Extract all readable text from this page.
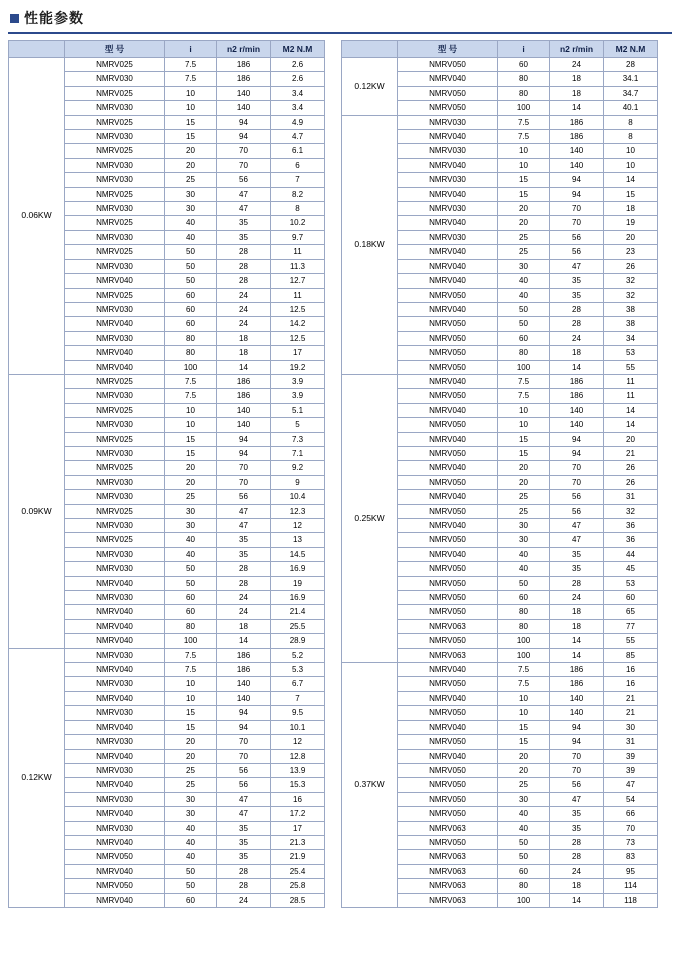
性能参数
	型 号	i	n2 r/min	M2 N.M
0.06KW	NMRV025	7.5	186	2.6
	NMRV030	7.5	186	2.6
	NMRV025	10	140	3.4
	NMRV030	10	140	3.4
	NMRV025	15	94	4.9
	NMRV030	15	94	4.7
	NMRV025	20	70	6.1
	NMRV030	20	70	6
	NMRV030	25	56	7
	NMRV025	30	47	8.2
	NMRV030	30	47	8
	NMRV025	40	35	10.2
	NMRV030	40	35	9.7
	NMRV025	50	28	11
	NMRV030	50	28	11.3
	NMRV040	50	28	12.7
	NMRV025	60	24	11
	NMRV030	60	24	12.5
	NMRV040	60	24	14.2
	NMRV030	80	18	12.5
	NMRV040	80	18	17
	NMRV040	100	14	19.2
0.09KW	NMRV025	7.5	186	3.9
	NMRV030	7.5	186	3.9
	NMRV025	10	140	5.1
	NMRV030	10	140	5
	NMRV025	15	94	7.3
	NMRV030	15	94	7.1
	NMRV025	20	70	9.2
	NMRV030	20	70	9
	NMRV030	25	56	10.4
	NMRV025	30	47	12.3
	NMRV030	30	47	12
	NMRV025	40	35	13
	NMRV030	40	35	14.5
	NMRV030	50	28	16.9
	NMRV040	50	28	19
	NMRV030	60	24	16.9
	NMRV040	60	24	21.4
	NMRV040	80	18	25.5
	NMRV040	100	14	28.9
0.12KW	NMRV030	7.5	186	5.2
	NMRV040	7.5	186	5.3
	NMRV030	10	140	6.7
	NMRV040	10	140	7
	NMRV030	15	94	9.5
	NMRV040	15	94	10.1
	NMRV030	20	70	12
	NMRV040	20	70	12.8
	NMRV030	25	56	13.9
	NMRV040	25	56	15.3
	NMRV030	30	47	16
	NMRV040	30	47	17.2
	NMRV030	40	35	17
	NMRV040	40	35	21.3
	NMRV050	40	35	21.9
	NMRV040	50	28	25.4
	NMRV050	50	28	25.8
	NMRV040	60	24	28.5
	型 号	i	n2 r/min	M2 N.M
0.12KW	NMRV050	60	24	28
	NMRV040	80	18	34.1
	NMRV050	80	18	34.7
	NMRV050	100	14	40.1
0.18KW	NMRV030	7.5	186	8
	NMRV040	7.5	186	8
	NMRV030	10	140	10
	NMRV040	10	140	10
	NMRV030	15	94	14
	NMRV040	15	94	15
	NMRV030	20	70	18
	NMRV040	20	70	19
	NMRV030	25	56	20
	NMRV040	25	56	23
	NMRV040	30	47	26
	NMRV040	40	35	32
	NMRV050	40	35	32
	NMRV040	50	28	38
	NMRV050	50	28	38
	NMRV050	60	24	34
	NMRV050	80	18	53
	NMRV050	100	14	55
0.25KW	NMRV040	7.5	186	11
	NMRV050	7.5	186	11
	NMRV040	10	140	14
	NMRV050	10	140	14
	NMRV040	15	94	20
	NMRV050	15	94	21
	NMRV040	20	70	26
	NMRV050	20	70	26
	NMRV040	25	56	31
	NMRV050	25	56	32
	NMRV040	30	47	36
	NMRV050	30	47	36
	NMRV040	40	35	44
	NMRV050	40	35	45
	NMRV050	50	28	53
	NMRV050	60	24	60
	NMRV050	80	18	65
	NMRV063	80	18	77
	NMRV050	100	14	55
	NMRV063	100	14	85
0.37KW	NMRV040	7.5	186	16
	NMRV050	7.5	186	16
	NMRV040	10	140	21
	NMRV050	10	140	21
	NMRV040	15	94	30
	NMRV050	15	94	31
	NMRV040	20	70	39
	NMRV050	20	70	39
	NMRV050	25	56	47
	NMRV050	30	47	54
	NMRV050	40	35	66
	NMRV063	40	35	70
	NMRV050	50	28	73
	NMRV063	50	28	83
	NMRV063	60	24	95
	NMRV063	80	18	114
	NMRV063	100	14	118
